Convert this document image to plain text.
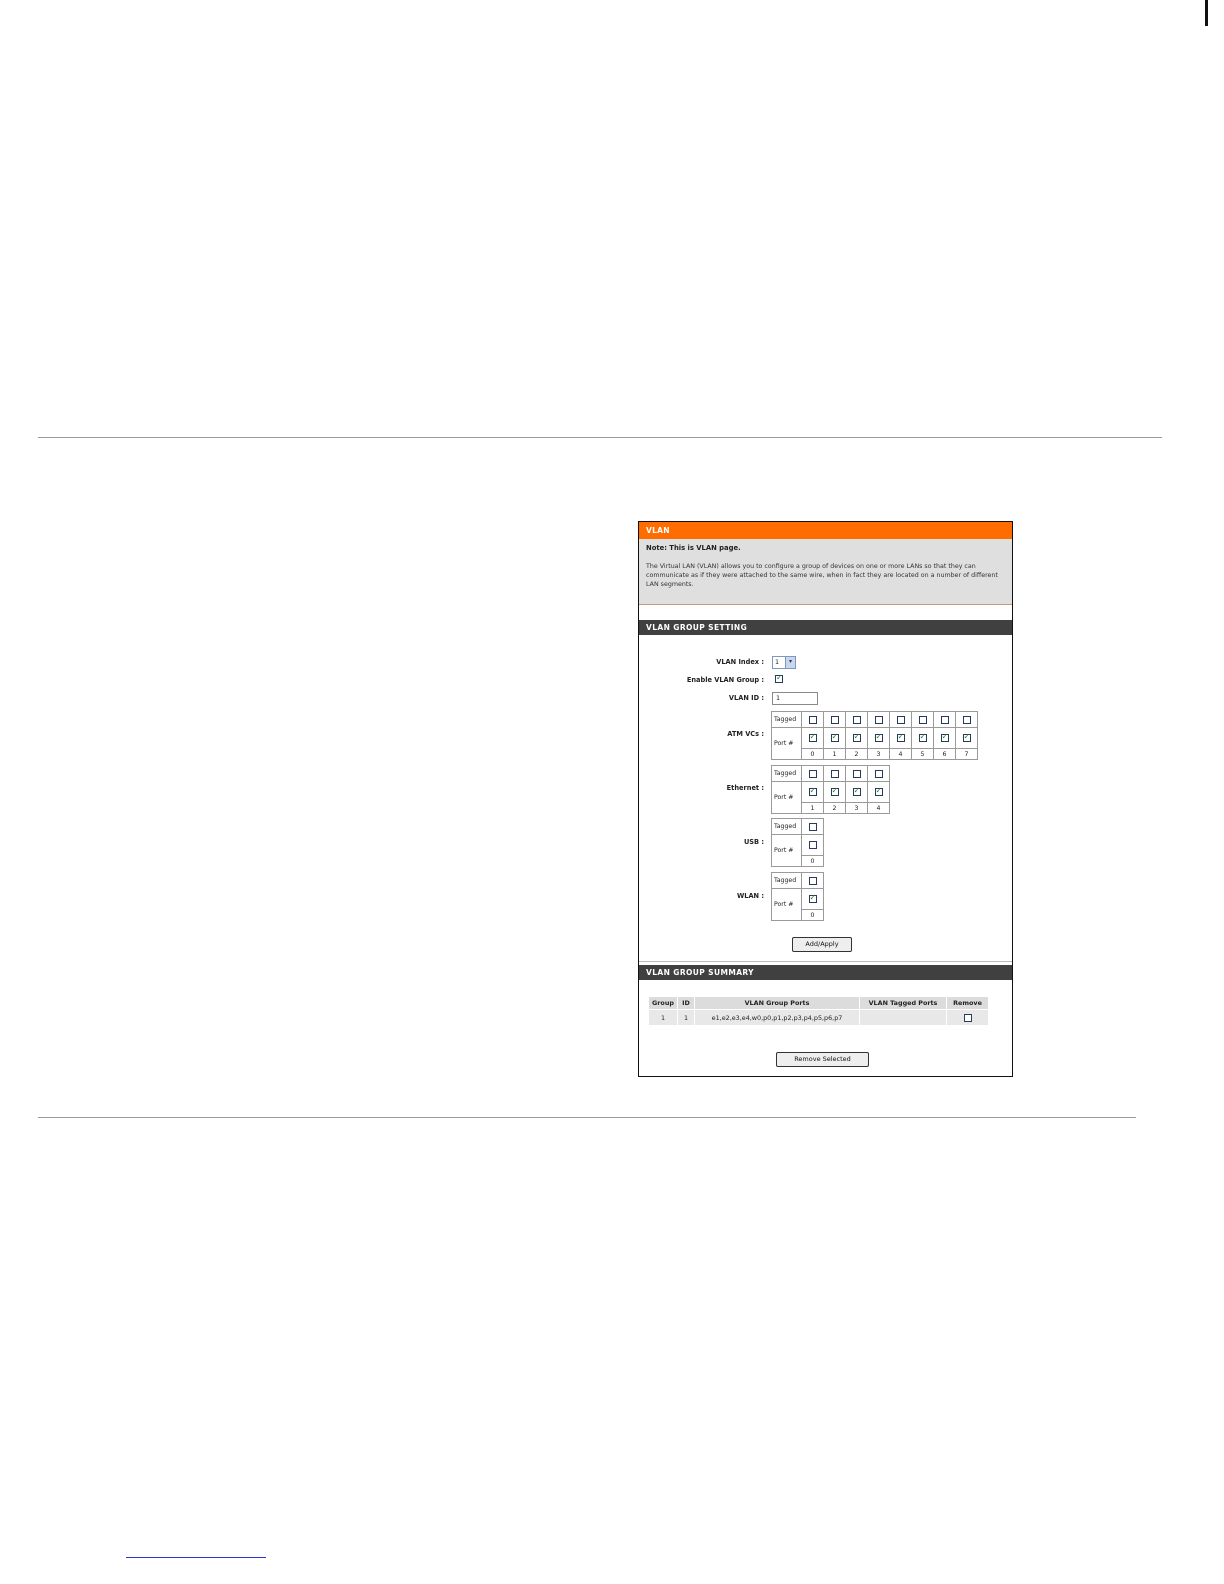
VLAN
Note: This is VLAN page.
The Virtual LAN (VLAN) allows you to configure a group of devices on one or more LANs so that they can communicate as if they were attached to the same wire, when in fact they are located on a number of different LAN segments.
VLAN GROUP SETTING
VLAN Index : 1	▾
Enable VLAN Group :
✓
VLAN ID : 1
ATM VCs :
Tagged								
Port #	✓	✓	✓	✓	✓	✓	✓	✓
	0	1	2	3	4	5	6	7
Ethernet :
Tagged				
Port #	✓	✓	✓	✓
	1	2	3	4
USB :
Tagged	
Port #	
	0
WLAN :
Tagged	
Port #	✓
	0
Add/Apply
VLAN GROUP SUMMARY
Group	ID	VLAN Group Ports	VLAN Tagged Ports	Remove
1	1	e1,e2,e3,e4,w0,p0,p1,p2,p3,p4,p5,p6,p7		
Remove Selected
